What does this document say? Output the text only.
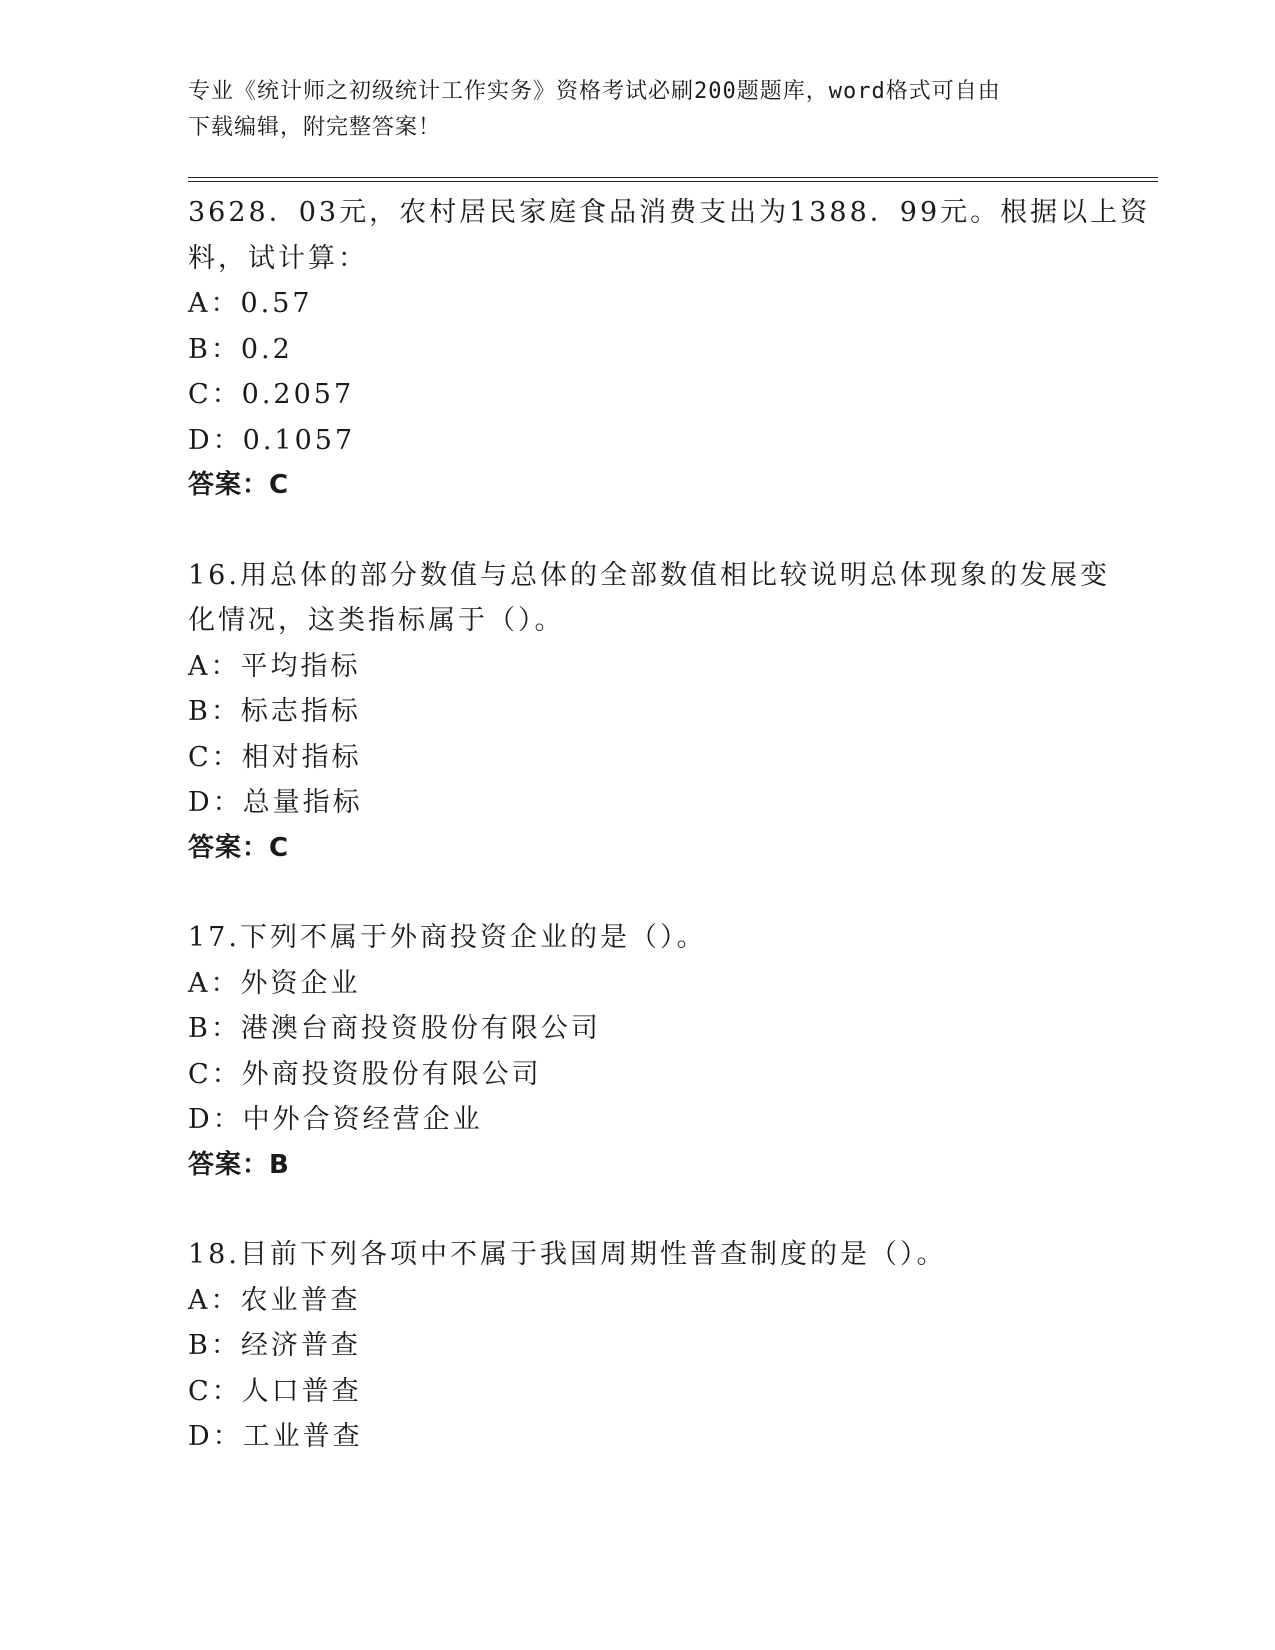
专业《统计师之初级统计工作实务》资格考试必刷200题题库，word格式可自由
下载编辑，附完整答案！
3628．03元，农村居民家庭食品消费支出为1388．99元。根据以上资
料，试计算：
A：0.57
B：0.2
C：0.2057
D：0.1057
答案：C
16.用总体的部分数值与总体的全部数值相比较说明总体现象的发展变
化情况，这类指标属于（）。
A：平均指标
B：标志指标
C：相对指标
D：总量指标
答案：C
17.下列不属于外商投资企业的是（）。
A：外资企业
B：港澳台商投资股份有限公司
C：外商投资股份有限公司
D：中外合资经营企业
答案：B
18.目前下列各项中不属于我国周期性普查制度的是（）。
A：农业普查
B：经济普查
C：人口普查
D：工业普查
